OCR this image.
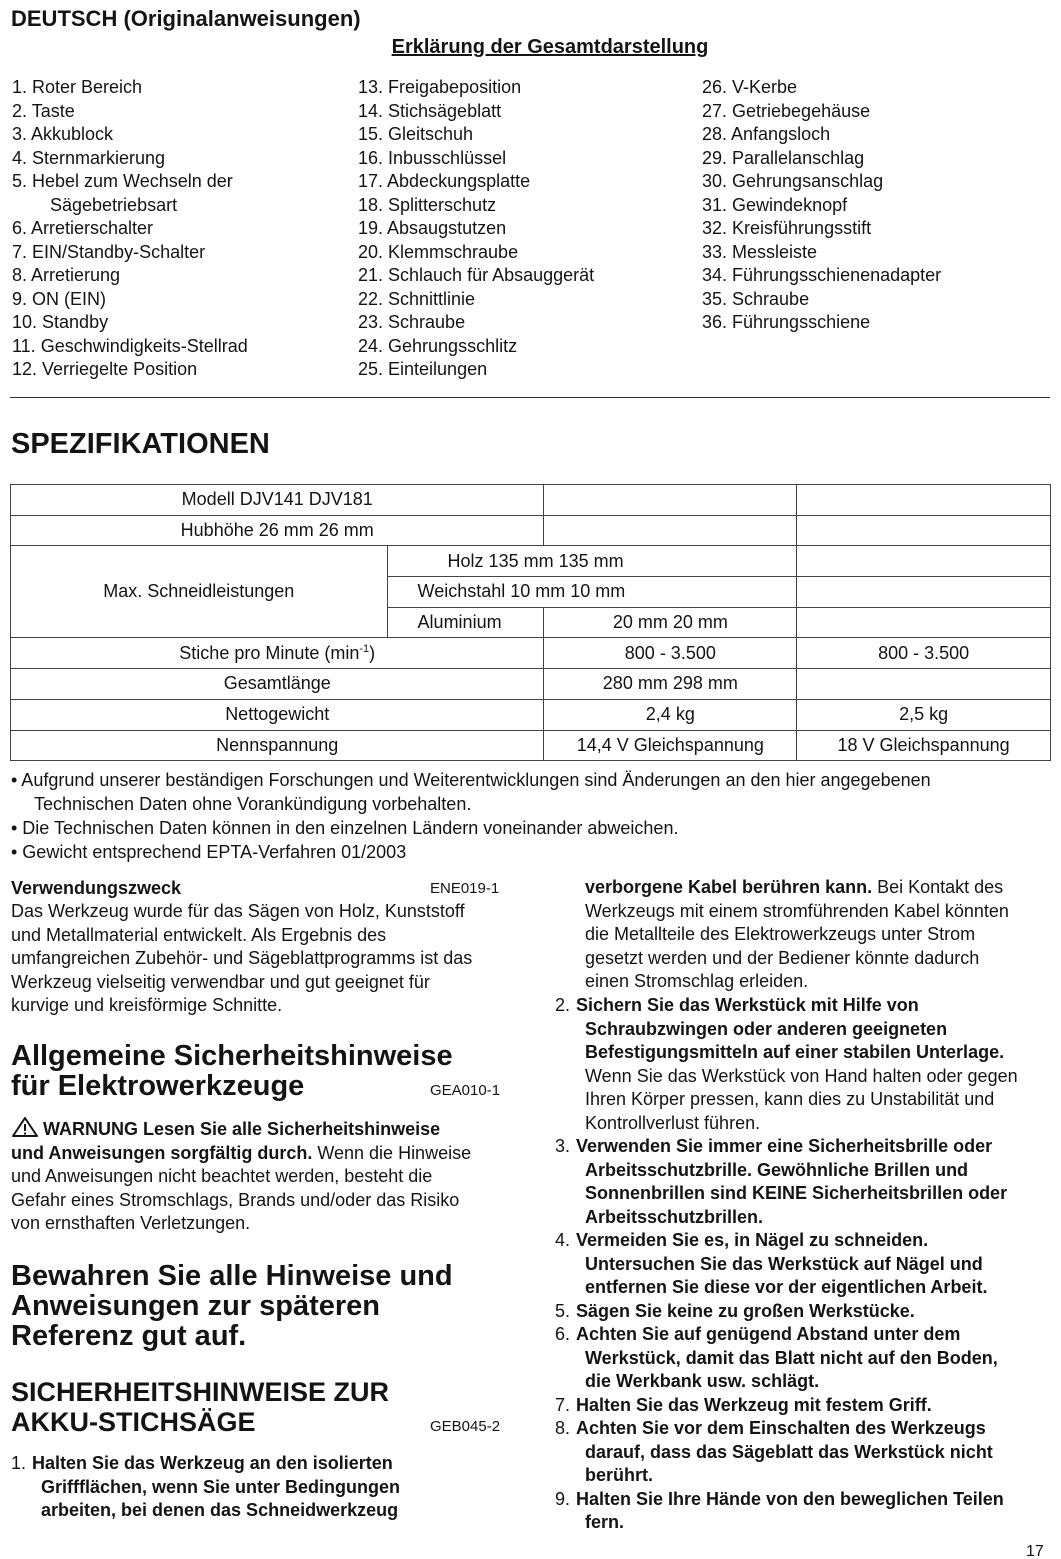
DEUTSCH (Originalanweisungen)
Erklärung der Gesamtdarstellung
1. Roter Bereich
2. Taste
3. Akkublock
4. Sternmarkierung
5. Hebel zum Wechseln der
Sägebetriebsart
6. Arretierschalter
7. EIN/Standby-Schalter
8. Arretierung
9. ON (EIN)
10. Standby
11. Geschwindigkeits-Stellrad
12. Verriegelte Position
13. Freigabeposition
14. Stichsägeblatt
15. Gleitschuh
16. Inbusschlüssel
17. Abdeckungsplatte
18. Splitterschutz
19. Absaugstutzen
20. Klemmschraube
21. Schlauch für Absauggerät
22. Schnittlinie
23. Schraube
24. Gehrungsschlitz
25. Einteilungen
26. V-Kerbe
27. Getriebegehäuse
28. Anfangsloch
29. Parallelanschlag
30. Gehrungsanschlag
31. Gewindeknopf
32. Kreisführungsstift
33. Messleiste
34. Führungsschienenadapter
35. Schraube
36. Führungsschiene
SPEZIFIKATIONEN
Modell DJV141 DJV181			
Hubhöhe 26 mm 26 mm			
Max. Schneidleistungen	Holz 135 mm 135 mm		
	Weichstahl 10 mm 10 mm		
	Aluminium	20 mm 20 mm	
Stiche pro Minute $(\min^{-1})$		800 - 3.500	800 - 3.500
Gesamtlänge		280 mm 298 mm	
Nettogewicht		2,4 kg	2,5 kg
Nennspannung		14,4 V Gleichspannung	18 V Gleichspannung
• Aufgrund unserer beständigen Forschungen und Weiterentwicklungen sind Änderungen an den hier angegebenen
Technischen Daten ohne Vorankündigung vorbehalten.
• Die Technischen Daten können in den einzelnen Ländern voneinander abweichen.
• Gewicht entsprechend EPTA-Verfahren 01/2003
Verwendungszweck	ENE019-1
Das Werkzeug wurde für das Sägen von Holz, Kunststoff
und Metallmaterial entwickelt. Als Ergebnis des
umfangreichen Zubehör- und Sägeblattprogramms ist das
Werkzeug vielseitig verwendbar und gut geeignet für
kurvige und kreisförmige Schnitte.
Allgemeine Sicherheitshinweise
für Elektrowerkzeuge	GEA010-1
WARNUNG Lesen Sie alle Sicherheitshinweise
und Anweisungen sorgfältig durch. Wenn die Hinweise
und Anweisungen nicht beachtet werden, besteht die
Gefahr eines Stromschlags, Brands und/oder das Risiko
von ernsthaften Verletzungen.
Bewahren Sie alle Hinweise und
Anweisungen zur späteren
Referenz gut auf.
SICHERHEITSHINWEISE ZUR
AKKU-STICHSÄGE	GEB045-2
1. Halten Sie das Werkzeug an den isolierten
Griffflächen, wenn Sie unter Bedingungen
arbeiten, bei denen das Schneidwerkzeug
verborgene Kabel berühren kann. Bei Kontakt des
Werkzeugs mit einem stromführenden Kabel könnten
die Metallteile des Elektrowerkzeugs unter Strom
gesetzt werden und der Bediener könnte dadurch
einen Stromschlag erleiden.
2. Sichern Sie das Werkstück mit Hilfe von
Schraubzwingen oder anderen geeigneten
Befestigungsmitteln auf einer stabilen Unterlage.
Wenn Sie das Werkstück von Hand halten oder gegen
Ihren Körper pressen, kann dies zu Unstabilität und
Kontrollverlust führen.
3. Verwenden Sie immer eine Sicherheitsbrille oder
Arbeitsschutzbrille. Gewöhnliche Brillen und
Sonnenbrillen sind KEINE Sicherheitsbrillen oder
Arbeitsschutzbrillen.
4. Vermeiden Sie es, in Nägel zu schneiden.
Untersuchen Sie das Werkstück auf Nägel und
entfernen Sie diese vor der eigentlichen Arbeit.
5. Sägen Sie keine zu großen Werkstücke.
6. Achten Sie auf genügend Abstand unter dem
Werkstück, damit das Blatt nicht auf den Boden,
die Werkbank usw. schlägt.
7. Halten Sie das Werkzeug mit festem Griff.
8. Achten Sie vor dem Einschalten des Werkzeugs
darauf, dass das Sägeblatt das Werkstück nicht
berührt.
9. Halten Sie Ihre Hände von den beweglichen Teilen
fern.
17
